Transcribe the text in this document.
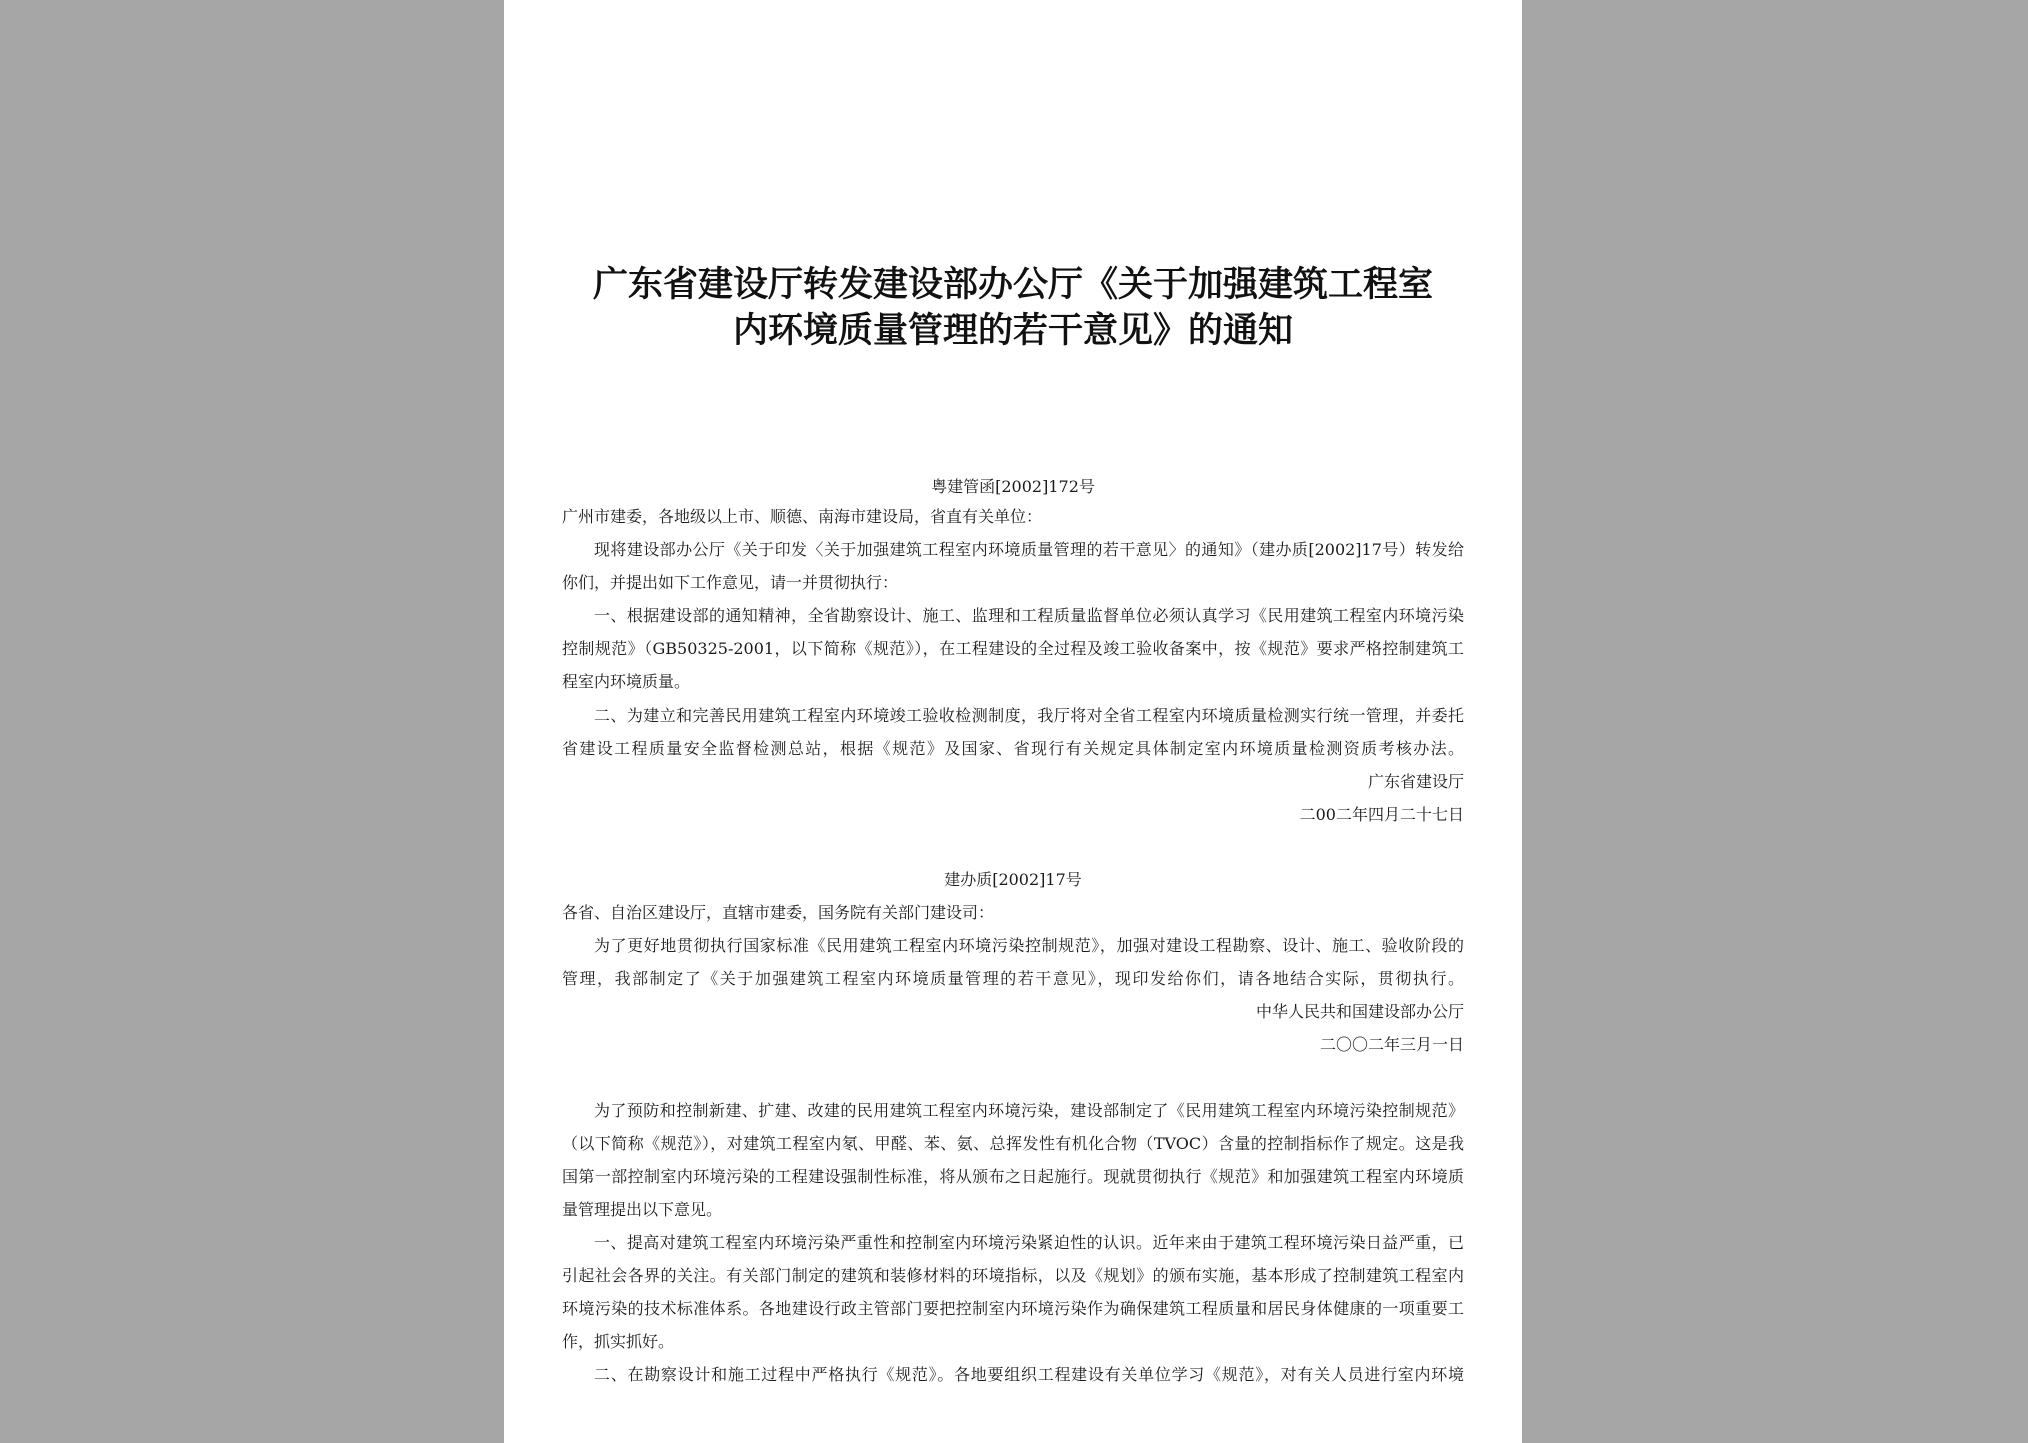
广东省建设厅转发建设部办公厅《关于加强建筑工程室
内环境质量管理的若干意见》的通知

粤建管函[2002]172号

广州市建委，各地级以上市、顺德、南海市建设局，省直有关单位：

现将建设部办公厅《关于印发〈关于加强建筑工程室内环境质量管理的若干意见〉的通知》（建办质[2002]17号）转发给

你们，并提出如下工作意见，请一并贯彻执行：

一、根据建设部的通知精神，全省勘察设计、施工、监理和工程质量监督单位必须认真学习《民用建筑工程室内环境污染

控制规范》（GB50325-2001，以下简称《规范》），在工程建设的全过程及竣工验收备案中，按《规范》要求严格控制建筑工

程室内环境质量。

二、为建立和完善民用建筑工程室内环境竣工验收检测制度，我厅将对全省工程室内环境质量检测实行统一管理，并委托

省建设工程质量安全监督检测总站，根据《规范》及国家、省现行有关规定具体制定室内环境质量检测资质考核办法。

广东省建设厅

二00二年四月二十七日

建办质[2002]17号

各省、自治区建设厅，直辖市建委，国务院有关部门建设司：

为了更好地贯彻执行国家标准《民用建筑工程室内环境污染控制规范》，加强对建设工程勘察、设计、施工、验收阶段的

管理，我部制定了《关于加强建筑工程室内环境质量管理的若干意见》，现印发给你们，请各地结合实际，贯彻执行。

中华人民共和国建设部办公厅

二〇〇二年三月一日

为了预防和控制新建、扩建、改建的民用建筑工程室内环境污染，建设部制定了《民用建筑工程室内环境污染控制规范》

（以下简称《规范》），对建筑工程室内氡、甲醛、苯、氨、总挥发性有机化合物（TVOC）含量的控制指标作了规定。这是我

国第一部控制室内环境污染的工程建设强制性标准，将从颁布之日起施行。现就贯彻执行《规范》和加强建筑工程室内环境质

量管理提出以下意见。

一、提高对建筑工程室内环境污染严重性和控制室内环境污染紧迫性的认识。近年来由于建筑工程环境污染日益严重，已

引起社会各界的关注。有关部门制定的建筑和装修材料的环境指标，以及《规划》的颁布实施，基本形成了控制建筑工程室内

环境污染的技术标准体系。各地建设行政主管部门要把控制室内环境污染作为确保建筑工程质量和居民身体健康的一项重要工

作，抓实抓好。

二、在勘察设计和施工过程中严格执行《规范》。各地要组织工程建设有关单位学习《规范》，对有关人员进行室内环境
